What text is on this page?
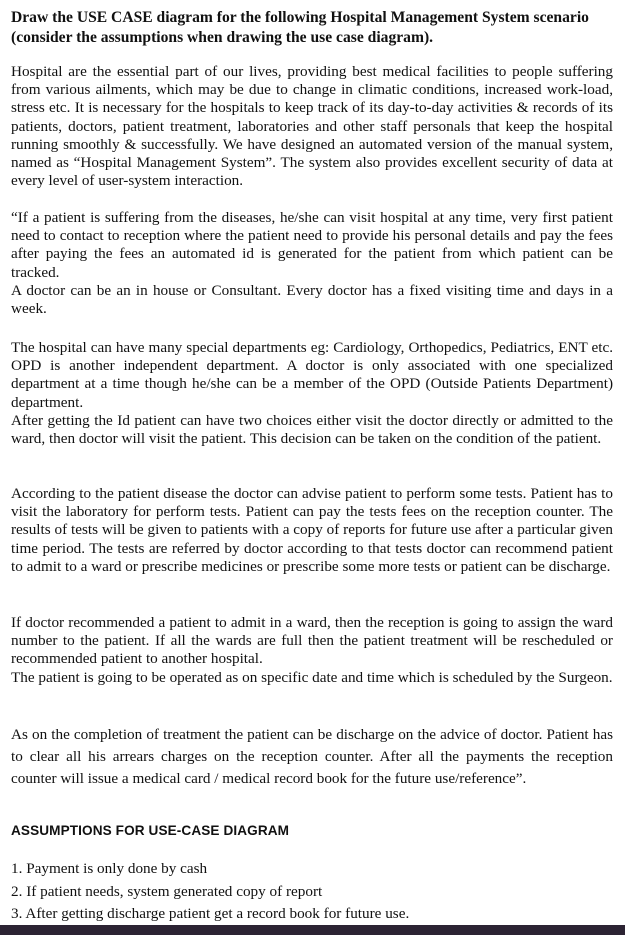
Draw the USE CASE diagram for the following Hospital Management System scenario (consider the assumptions when drawing the use case diagram).

Hospital are the essential part of our lives, providing best medical facilities to people suffering from various ailments, which may be due to change in climatic conditions, increased work-load, stress etc. It is necessary for the hospitals to keep track of its day-to-day activities & records of its patients, doctors, patient treatment, laboratories and other staff personals that keep the hospital running smoothly & successfully. We have designed an automated version of the manual system, named as “Hospital Management System”. The system also provides excellent security of data at every level of user-system interaction.

“If a patient is suffering from the diseases, he/she can visit hospital at any time, very first patient need to contact to reception where the patient need to provide his personal details and pay the fees after paying the fees an automated id is generated for the patient from which patient can be tracked.
A doctor can be an in house or Consultant. Every doctor has a fixed visiting time and days in a week.

The hospital can have many special departments eg: Cardiology, Orthopedics, Pediatrics, ENT etc. OPD is another independent department. A doctor is only associated with one specialized department at a time though he/she can be a member of the OPD (Outside Patients Department) department.
After getting the Id patient can have two choices either visit the doctor directly or admitted to the ward, then doctor will visit the patient. This decision can be taken on the condition of the patient.

According to the patient disease the doctor can advise patient to perform some tests. Patient has to visit the laboratory for perform tests. Patient can pay the tests fees on the reception counter. The results of tests will be given to patients with a copy of reports for future use after a particular given time period. The tests are referred by doctor according to that tests doctor can recommend patient to admit to a ward or prescribe medicines or prescribe some more tests or patient can be discharge.

If doctor recommended a patient to admit in a ward, then the reception is going to assign the ward number to the patient. If all the wards are full then the patient treatment will be rescheduled or recommended patient to another hospital.
The patient is going to be operated as on specific date and time which is scheduled by the Surgeon.

As on the completion of treatment the patient can be discharge on the advice of doctor. Patient has to clear all his arrears charges on the reception counter. After all the payments the reception counter will issue a medical card / medical record book for the future use/reference”.

ASSUMPTIONS FOR USE-CASE DIAGRAM

1. Payment is only done by cash
2. If patient needs, system generated copy of report
3. After getting discharge patient get a record book for future use.
